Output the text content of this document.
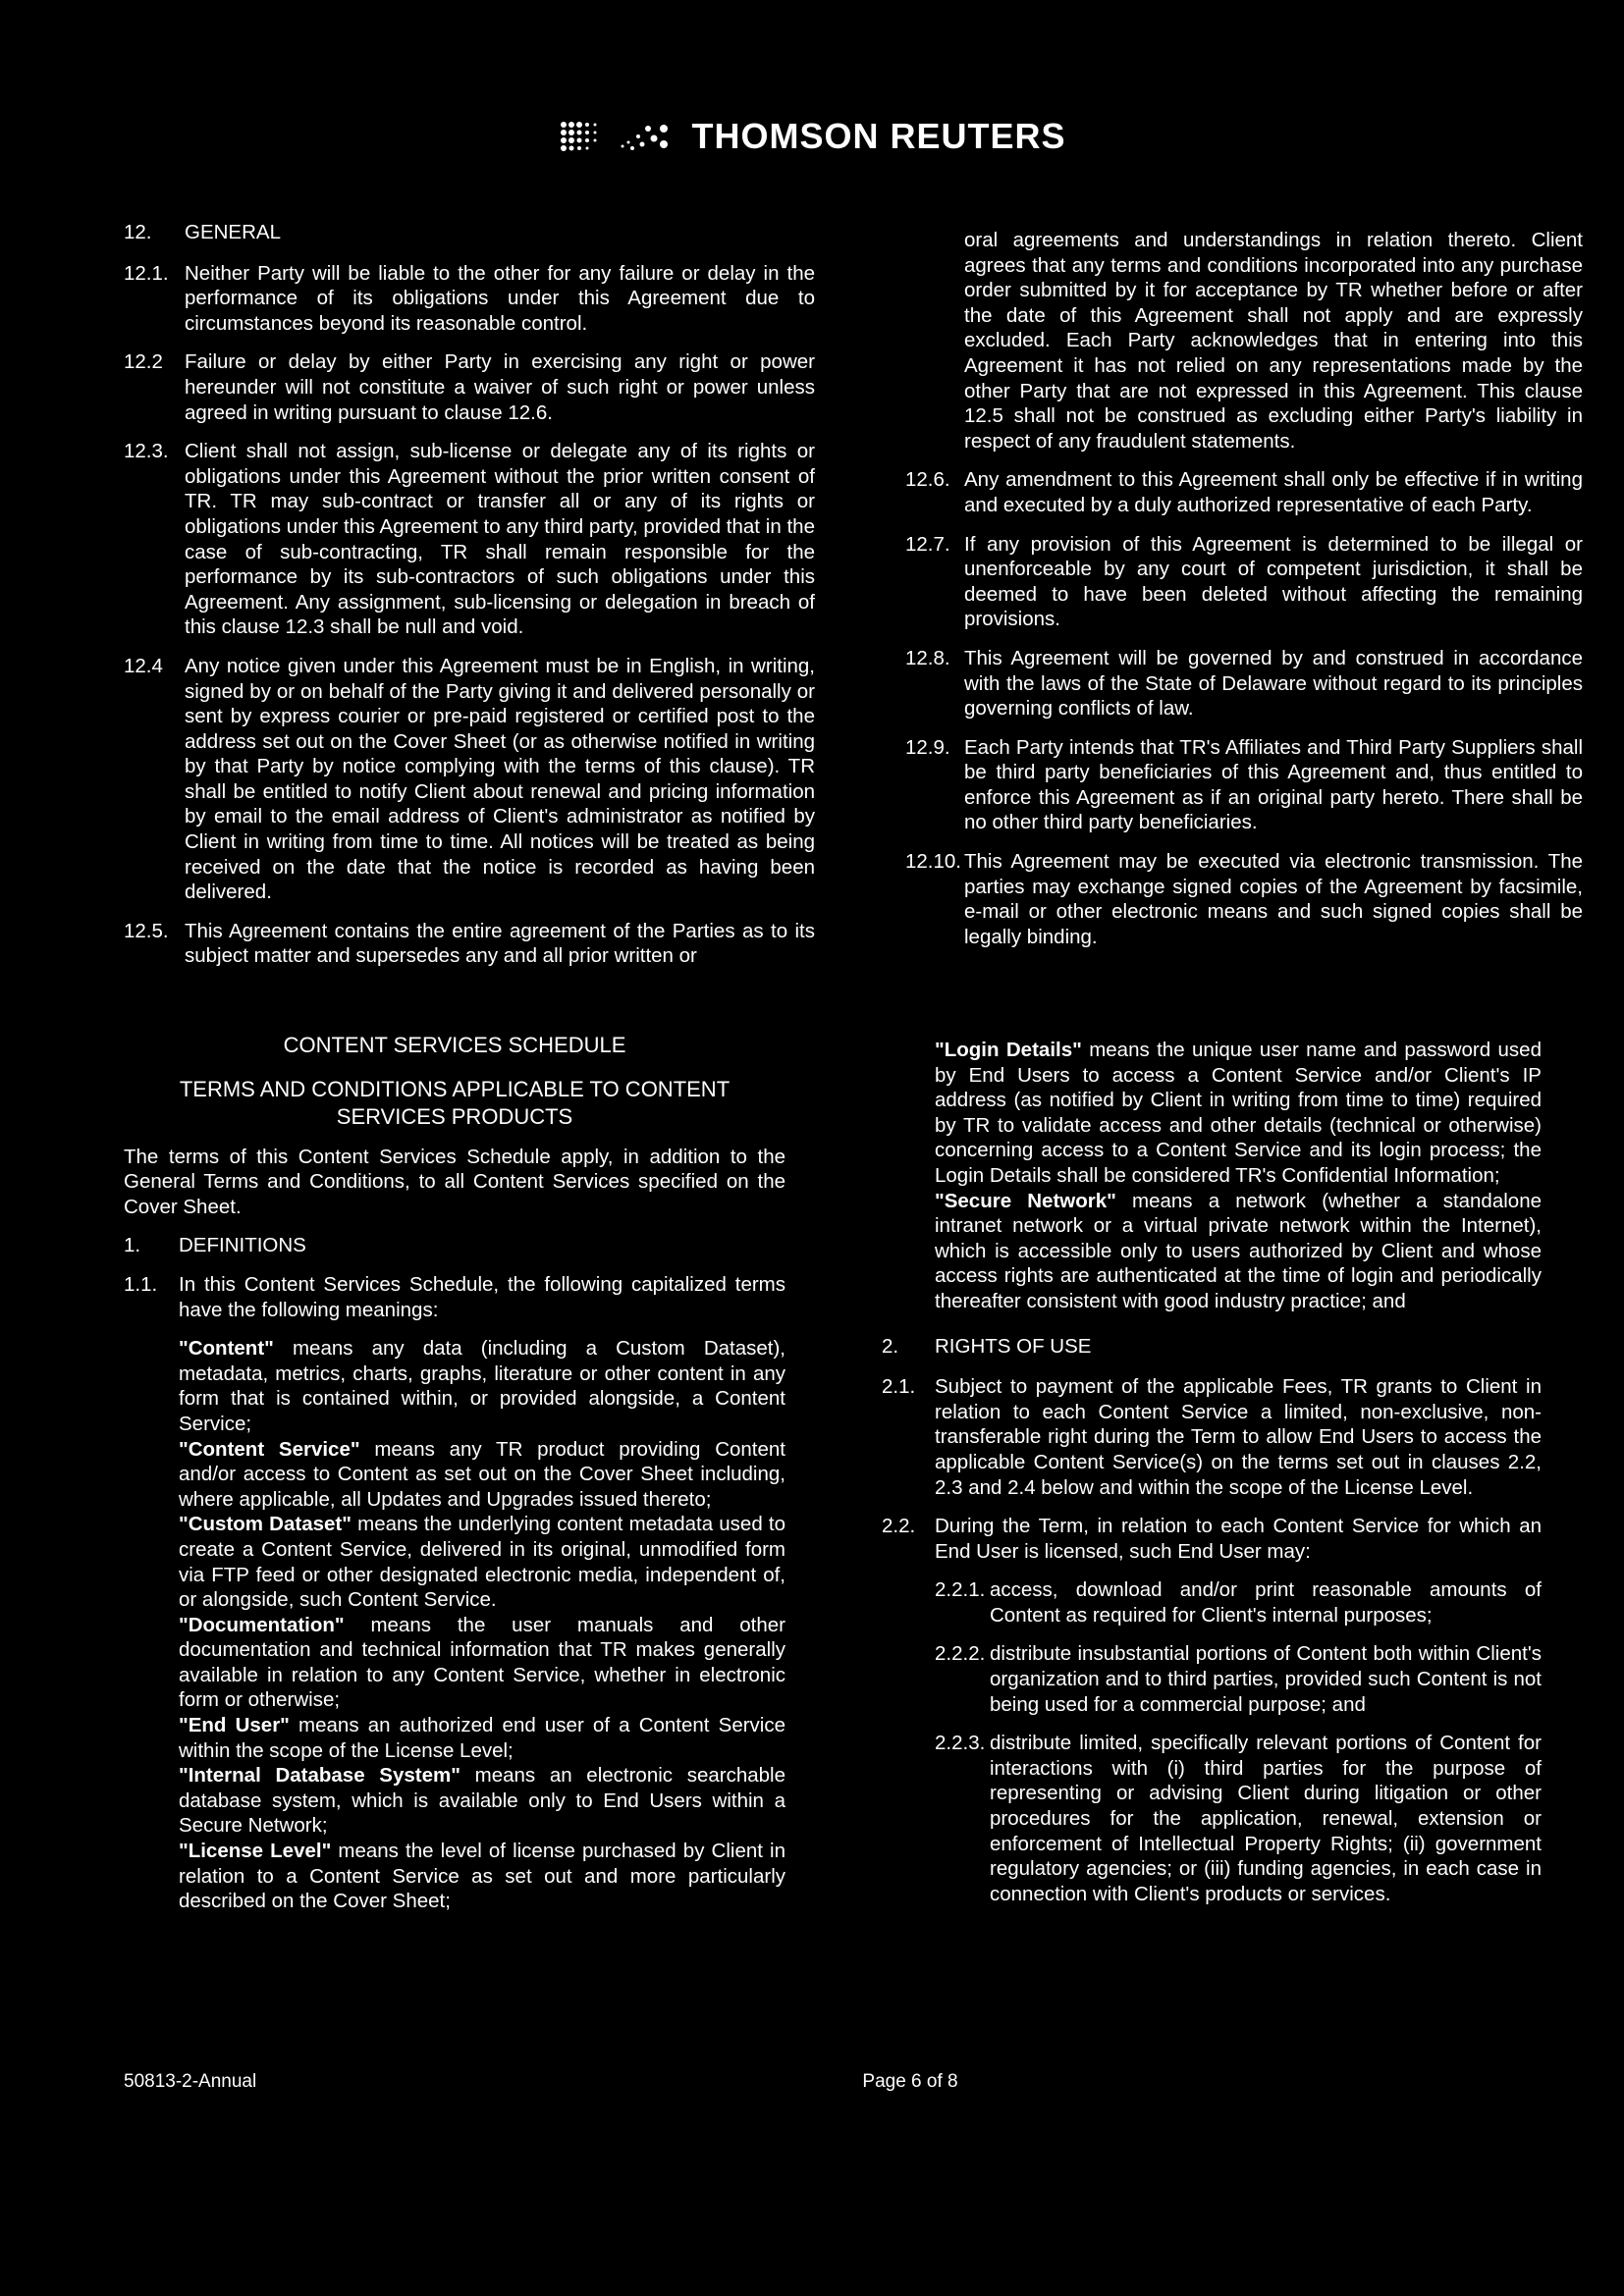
THOMSON REUTERS
12.	GENERAL
12.1. Neither Party will be liable to the other for any failure or delay in the performance of its obligations under this Agreement due to circumstances beyond its reasonable control.
12.2	Failure or delay by either Party in exercising any right or power hereunder will not constitute a waiver of such right or power unless agreed in writing pursuant to clause 12.6.
12.3. Client shall not assign, sub-license or delegate any of its rights or obligations under this Agreement without the prior written consent of TR. TR may sub-contract or transfer all or any of its rights or obligations under this Agreement to any third party, provided that in the case of sub-contracting, TR shall remain responsible for the performance by its sub-contractors of such obligations under this Agreement. Any assignment, sub-licensing or delegation in breach of this clause 12.3 shall be null and void.
12.4	Any notice given under this Agreement must be in English, in writing, signed by or on behalf of the Party giving it and delivered personally or sent by express courier or pre-paid registered or certified post to the address set out on the Cover Sheet (or as otherwise notified in writing by that Party by notice complying with the terms of this clause). TR shall be entitled to notify Client about renewal and pricing information by email to the email address of Client's administrator as notified by Client in writing from time to time. All notices will be treated as being received on the date that the notice is recorded as having been delivered.
12.5. This Agreement contains the entire agreement of the Parties as to its subject matter and supersedes any and all prior written or
oral agreements and understandings in relation thereto. Client agrees that any terms and conditions incorporated into any purchase order submitted by it for acceptance by TR whether before or after the date of this Agreement shall not apply and are expressly excluded. Each Party acknowledges that in entering into this Agreement it has not relied on any representations made by the other Party that are not expressed in this Agreement. This clause 12.5 shall not be construed as excluding either Party's liability in respect of any fraudulent statements.
12.6. Any amendment to this Agreement shall only be effective if in writing and executed by a duly authorized representative of each Party.
12.7. If any provision of this Agreement is determined to be illegal or unenforceable by any court of competent jurisdiction, it shall be deemed to have been deleted without affecting the remaining provisions.
12.8. This Agreement will be governed by and construed in accordance with the laws of the State of Delaware without regard to its principles governing conflicts of law.
12.9. Each Party intends that TR's Affiliates and Third Party Suppliers shall be third party beneficiaries of this Agreement and, thus entitled to enforce this Agreement as if an original party hereto. There shall be no other third party beneficiaries.
12.10. This Agreement may be executed via electronic transmission. The parties may exchange signed copies of the Agreement by facsimile, e-mail or other electronic means and such signed copies shall be legally binding.

CONTENT SERVICES SCHEDULE

TERMS AND CONDITIONS APPLICABLE TO CONTENT SERVICES PRODUCTS

The terms of this Content Services Schedule apply, in addition to the General Terms and Conditions, to all Content Services specified on the Cover Sheet.

1.	DEFINITIONS
1.1.	In this Content Services Schedule, the following capitalized terms have the following meanings:

"Content" means any data (including a Custom Dataset), metadata, metrics, charts, graphs, literature or other content in any form that is contained within, or provided alongside, a Content Service;

"Content Service" means any TR product providing Content and/or access to Content as set out on the Cover Sheet including, where applicable, all Updates and Upgrades issued thereto;

"Custom Dataset" means the underlying content metadata used to create a Content Service, delivered in its original, unmodified form via FTP feed or other designated electronic media, independent of, or alongside, such Content Service.

"Documentation" means the user manuals and other documentation and technical information that TR makes generally available in relation to any Content Service, whether in electronic form or otherwise;

"End User" means an authorized end user of a Content Service within the scope of the License Level;

"Internal Database System" means an electronic searchable database system, which is available only to End Users within a Secure Network;

"License Level" means the level of license purchased by Client in relation to a Content Service as set out and more particularly described on the Cover Sheet;

"Login Details" means the unique user name and password used by End Users to access a Content Service and/or Client's IP address (as notified by Client in writing from time to time) required by TR to validate access and other details (technical or otherwise) concerning access to a Content Service and its login process; the Login Details shall be considered TR's Confidential Information;

"Secure Network" means a network (whether a standalone intranet network or a virtual private network within the Internet), which is accessible only to users authorized by Client and whose access rights are authenticated at the time of login and periodically thereafter consistent with good industry practice; and

2.	RIGHTS OF USE
2.1. Subject to payment of the applicable Fees, TR grants to Client in relation to each Content Service a limited, non-exclusive, non-transferable right during the Term to allow End Users to access the applicable Content Service(s) on the terms set out in clauses 2.2, 2.3 and 2.4 below and within the scope of the License Level.
2.2. During the Term, in relation to each Content Service for which an End User is licensed, such End User may:
2.2.1. access, download and/or print reasonable amounts of Content as required for Client's internal purposes;
2.2.2. distribute insubstantial portions of Content both within Client's organization and to third parties, provided such Content is not being used for a commercial purpose; and
2.2.3. distribute limited, specifically relevant portions of Content for interactions with (i) third parties for the purpose of representing or advising Client during litigation or other procedures for the application, renewal, extension or enforcement of Intellectual Property Rights; (ii) government regulatory agencies; or (iii) funding agencies, in each case in connection with Client's products or services.
50813-2-Annual	Page 6 of 8
